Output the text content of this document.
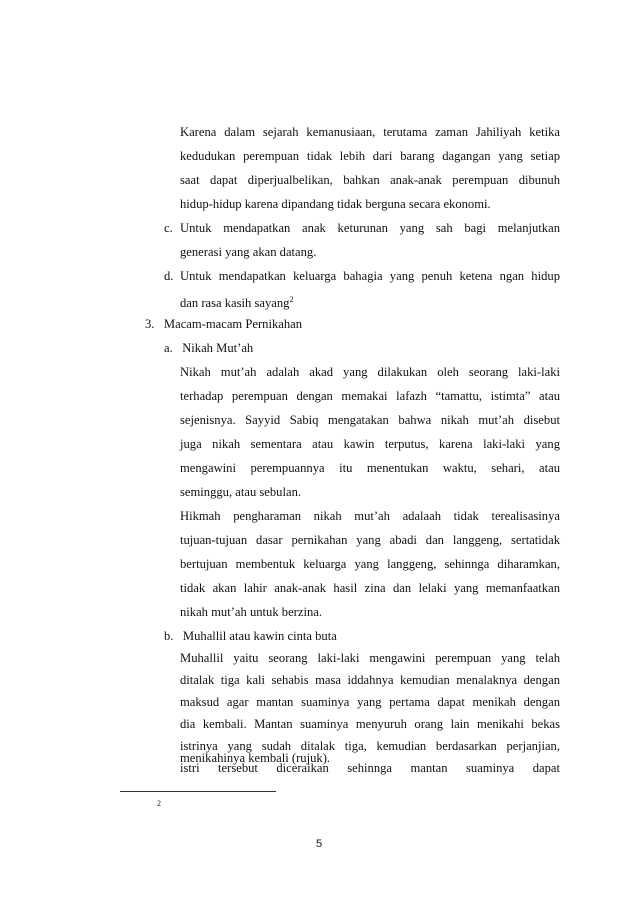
Karena dalam sejarah kemanusiaan, terutama zaman Jahiliyah ketika
kedudukan perempuan tidak lebih dari barang dagangan yang setiap
saat dapat diperjualbelikan, bahkan anak-anak perempuan dibunuh
hidup-hidup karena dipandang tidak berguna secara ekonomi.
c. Untuk mendapatkan anak keturunan yang sah bagi melanjutkan
generasi yang akan datang.
d. Untuk mendapatkan keluarga bahagia yang penuh ketena ngan hidup
dan rasa kasih sayang$^2$
3. Macam-macam Pernikahan
a. Nikah Mut’ah
Nikah mut’ah adalah akad yang dilakukan oleh seorang laki-laki
terhadap perempuan dengan memakai lafazh “tamattu, istimta” atau
sejenisnya. Sayyid Sabiq mengatakan bahwa nikah mut’ah disebut
juga nikah sementara atau kawin terputus, karena laki-laki yang
mengawini perempuannya itu menentukan waktu, sehari, atau
seminggu, atau sebulan.
Hikmah pengharaman nikah mut’ah adalaah tidak terealisasinya
tujuan-tujuan dasar pernikahan yang abadi dan langgeng, sertatidak
bertujuan membentuk keluarga yang langgeng, sehinnga diharamkan,
tidak akan lahir anak-anak hasil zina dan lelaki yang memanfaatkan
nikah mut’ah untuk berzina.
b. Muhallil atau kawin cinta buta
Muhallil yaitu seorang laki-laki mengawini perempuan yang telah
ditalak tiga kali sehabis masa iddahnya kemudian menalaknya dengan
maksud agar mantan suaminya yang pertama dapat menikah dengan
dia kembali. Mantan suaminya menyuruh orang lain menikahi bekas
istrinya yang sudah ditalak tiga, kemudian berdasarkan perjanjian,
istri tersebut diceraikan sehinnga mantan suaminya dapat
2
5
menikahinya kembali (rujuk).
